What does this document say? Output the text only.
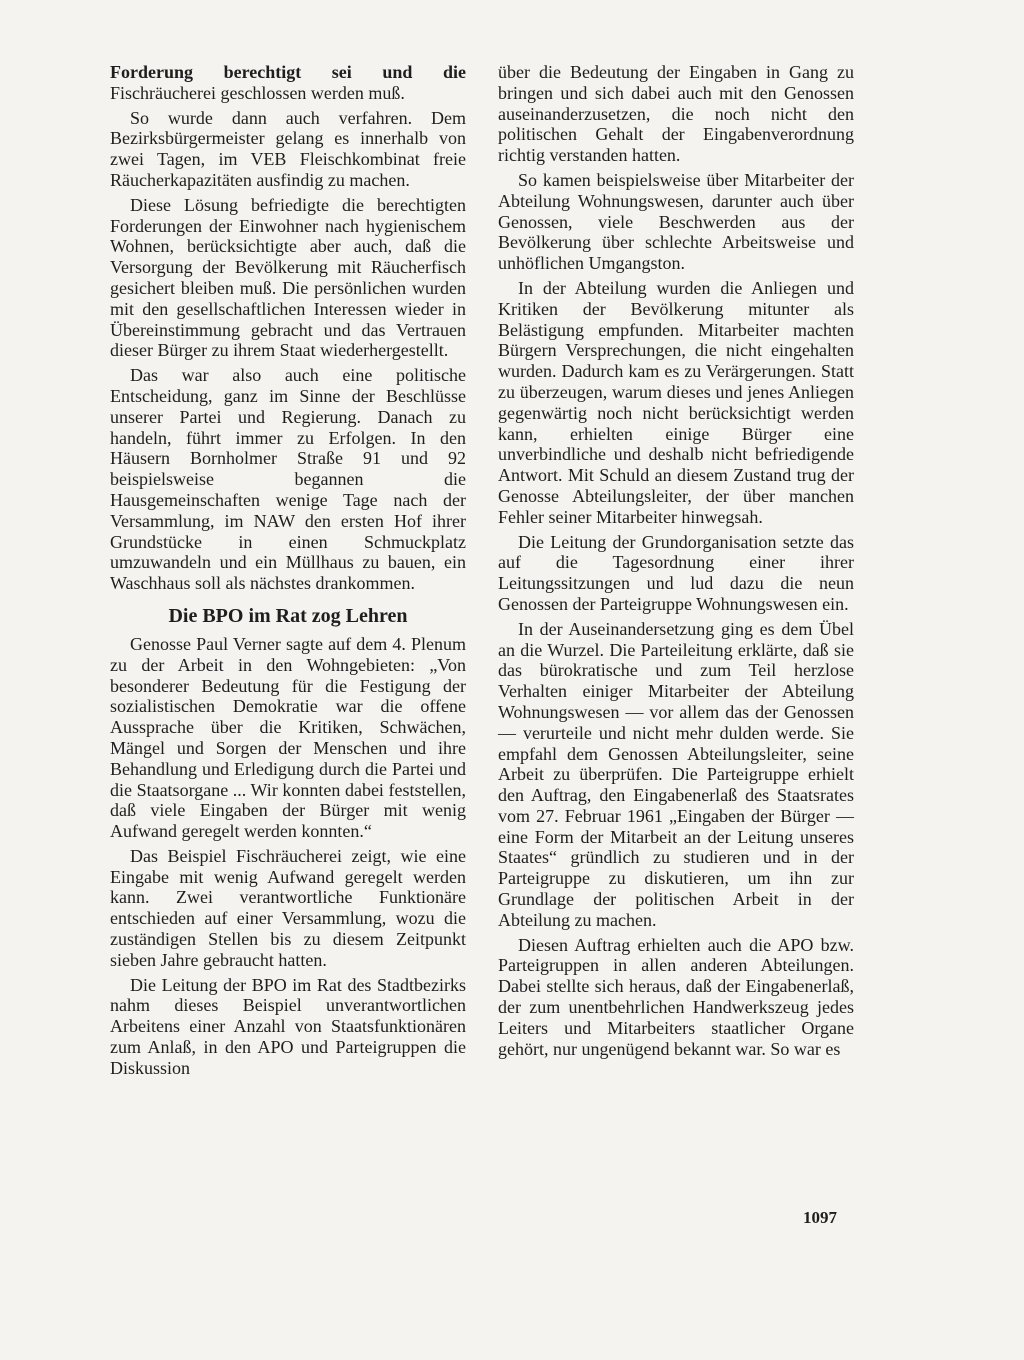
Forderung berechtigt sei und die Fischräucherei geschlossen werden muß.

So wurde dann auch verfahren. Dem Bezirksbürgermeister gelang es innerhalb von zwei Tagen, im VEB Fleischkombinat freie Räucherkapazitäten ausfindig zu machen.

Diese Lösung befriedigte die berechtigten Forderungen der Einwohner nach hygienischem Wohnen, berücksichtigte aber auch, daß die Versorgung der Bevölkerung mit Räucherfisch gesichert bleiben muß. Die persönlichen wurden mit den gesellschaftlichen Interessen wieder in Übereinstimmung gebracht und das Vertrauen dieser Bürger zu ihrem Staat wiederhergestellt.

Das war also auch eine politische Entscheidung, ganz im Sinne der Beschlüsse unserer Partei und Regierung. Danach zu handeln, führt immer zu Erfolgen. In den Häusern Bornholmer Straße 91 und 92 beispielsweise begannen die Hausgemeinschaften wenige Tage nach der Versammlung, im NAW den ersten Hof ihrer Grundstücke in einen Schmuckplatz umzuwandeln und ein Müllhaus zu bauen, ein Waschhaus soll als nächstes drankommen.

Die BPO im Rat zog Lehren

Genosse Paul Verner sagte auf dem 4. Plenum zu der Arbeit in den Wohngebieten: „Von besonderer Bedeutung für die Festigung der sozialistischen Demokratie war die offene Aussprache über die Kritiken, Schwächen, Mängel und Sorgen der Menschen und ihre Behandlung und Erledigung durch die Partei und die Staatsorgane ... Wir konnten dabei feststellen, daß viele Eingaben der Bürger mit wenig Aufwand geregelt werden konnten.“

Das Beispiel Fischräucherei zeigt, wie eine Eingabe mit wenig Aufwand geregelt werden kann. Zwei verantwortliche Funktionäre entschieden auf einer Versammlung, wozu die zuständigen Stellen bis zu diesem Zeitpunkt sieben Jahre gebraucht hatten.

Die Leitung der BPO im Rat des Stadtbezirks nahm dieses Beispiel unverantwortlichen Arbeitens einer Anzahl von Staatsfunktionären zum Anlaß, in den APO und Parteigruppen die Diskussion

über die Bedeutung der Eingaben in Gang zu bringen und sich dabei auch mit den Genossen auseinanderzusetzen, die noch nicht den politischen Gehalt der Eingabenverordnung richtig verstanden hatten.

So kamen beispielsweise über Mitarbeiter der Abteilung Wohnungswesen, darunter auch über Genossen, viele Beschwerden aus der Bevölkerung über schlechte Arbeitsweise und unhöflichen Umgangston.

In der Abteilung wurden die Anliegen und Kritiken der Bevölkerung mitunter als Belästigung empfunden. Mitarbeiter machten Bürgern Versprechungen, die nicht eingehalten wurden. Dadurch kam es zu Verärgerungen. Statt zu überzeugen, warum dieses und jenes Anliegen gegenwärtig noch nicht berücksichtigt werden kann, erhielten einige Bürger eine unverbindliche und deshalb nicht befriedigende Antwort. Mit Schuld an diesem Zustand trug der Genosse Abteilungsleiter, der über manchen Fehler seiner Mitarbeiter hinwegsah.

Die Leitung der Grundorganisation setzte das auf die Tagesordnung einer ihrer Leitungssitzungen und lud dazu die neun Genossen der Parteigruppe Wohnungswesen ein.

In der Auseinandersetzung ging es dem Übel an die Wurzel. Die Parteileitung erklärte, daß sie das bürokratische und zum Teil herzlose Verhalten einiger Mitarbeiter der Abteilung Wohnungswesen — vor allem das der Genossen — verurteile und nicht mehr dulden werde. Sie empfahl dem Genossen Abteilungsleiter, seine Arbeit zu überprüfen. Die Parteigruppe erhielt den Auftrag, den Eingabenerlaß des Staatsrates vom 27. Februar 1961 „Eingaben der Bürger — eine Form der Mitarbeit an der Leitung unseres Staates“ gründlich zu studieren und in der Parteigruppe zu diskutieren, um ihn zur Grundlage der politischen Arbeit in der Abteilung zu machen.

Diesen Auftrag erhielten auch die APO bzw. Parteigruppen in allen anderen Abteilungen. Dabei stellte sich heraus, daß der Eingabenerlaß, der zum unentbehrlichen Handwerkszeug jedes Leiters und Mitarbeiters staatlicher Organe gehört, nur ungenügend bekannt war. So war es

1097
